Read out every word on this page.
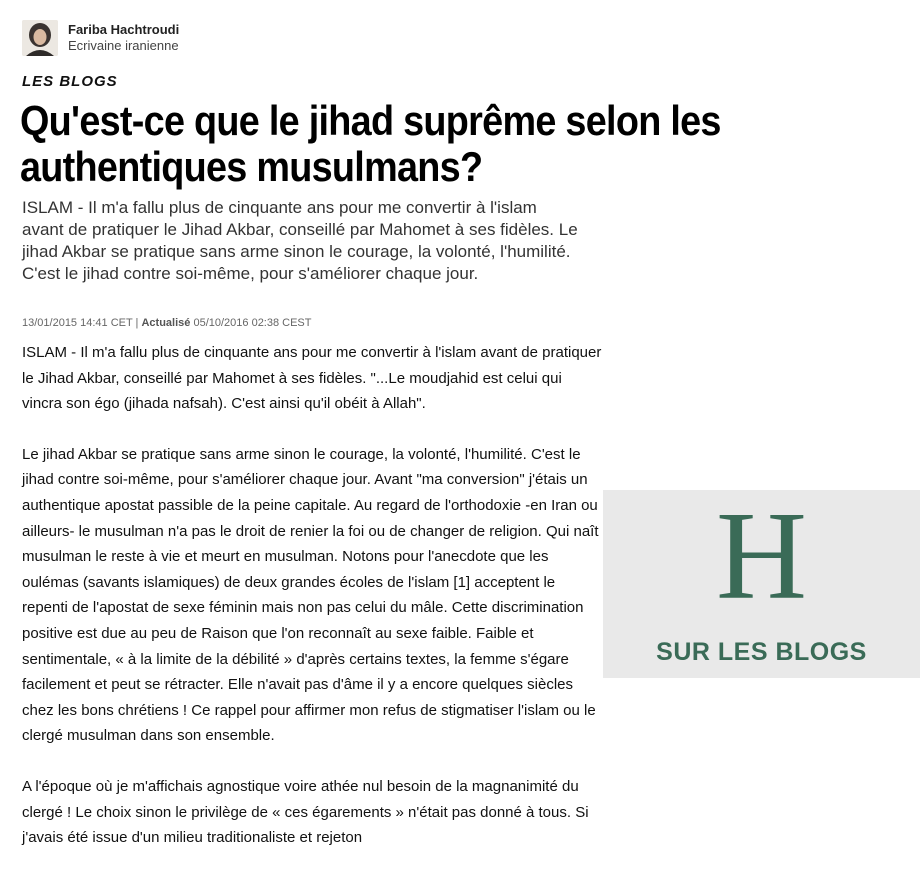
Fariba Hachtroudi
Ecrivaine iranienne
LES BLOGS
Qu'est-ce que le jihad suprême selon les
authentiques musulmans?

ISLAM - Il m'a fallu plus de cinquante ans pour me convertir à l'islam avant de pratiquer le Jihad Akbar, conseillé par Mahomet à ses fidèles. Le jihad Akbar se pratique sans arme sinon le courage, la volonté, l'humilité. C'est le jihad contre soi-même, pour s'améliorer chaque jour.

13/01/2015 14:41 CET | Actualisé 05/10/2016 02:38 CEST

ISLAM - Il m'a fallu plus de cinquante ans pour me convertir à l'islam avant de pratiquer le Jihad Akbar, conseillé par Mahomet à ses fidèles. "...Le moudjahid est celui qui vincra son égo (jihada nafsah). C'est ainsi qu'il obéit à Allah".

Le jihad Akbar se pratique sans arme sinon le courage, la volonté, l'humilité. C'est le jihad contre soi-même, pour s'améliorer chaque jour. Avant "ma conversion" j'étais un authentique apostat passible de la peine capitale. Au regard de l'orthodoxie -en Iran ou ailleurs- le musulman n'a pas le droit de renier la foi ou de changer de religion. Qui naît musulman le reste à vie et meurt en musulman. Notons pour l'anecdote que les oulémas (savants islamiques) de deux grandes écoles de l'islam [1] acceptent le repenti de l'apostat de sexe féminin mais non pas celui du mâle. Cette discrimination positive est due au peu de Raison que l'on reconnaît au sexe faible. Faible et sentimentale, « à la limite de la débilité » d'après certains textes, la femme s'égare facilement et peut se rétracter. Elle n'avait pas d'âme il y a encore quelques siècles chez les bons chrétiens ! Ce rappel pour affirmer mon refus de stigmatiser l'islam ou le clergé musulman dans son ensemble.

A l'époque où je m'affichais agnostique voire athée nul besoin de la magnanimité du clergé ! Le choix sinon le privilège de « ces égarements » n'était pas donné à tous. Si j'avais été issue d'un milieu traditionaliste et rejeton

H
SUR LES BLOGS
